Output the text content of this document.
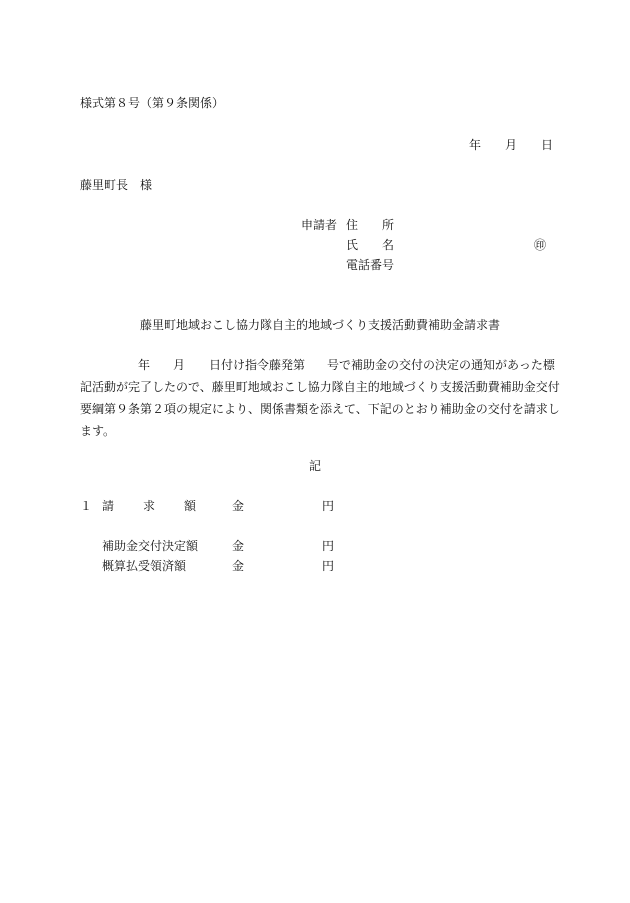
様式第８号（第９条関係）
年 月 日
藤里町長　様
申請者 住 所
氏 名	㊞
電話番号
藤里町地域おこし協力隊自主的地域づくり支援活動費補助金請求書
年 月 日付け指令藤発第 号で補助金の交付の決定の通知があった標
記活動が完了したので、藤里町地域おこし協力隊自主的地域づくり支援活動費補助金交付
要綱第９条第２項の規定により、関係書類を添えて、下記のとおり補助金の交付を請求し
ます。
記
１ 請 求 額	金	円
補助金交付決定額	金	円
概算払受領済額	金	円
